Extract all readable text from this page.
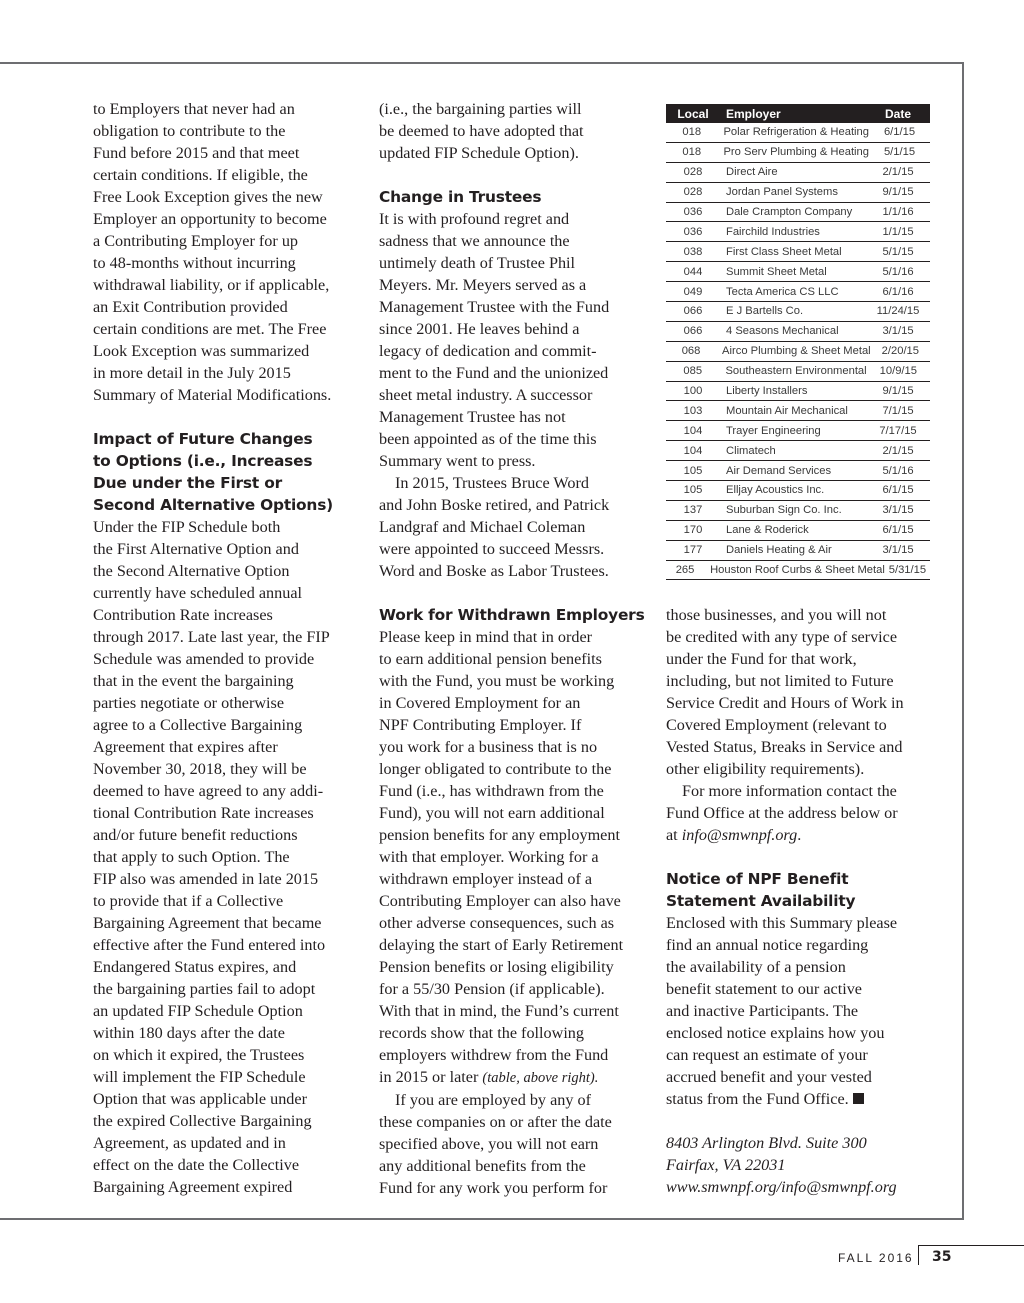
to Employers that never had an
obligation to contribute to the
Fund before 2015 and that meet
certain conditions. If eligible, the
Free Look Exception gives the new
Employer an opportunity to become
a Contributing Employer for up
to 48-months without incurring
withdrawal liability, or if applicable,
an Exit Contribution provided
certain conditions are met. The Free
Look Exception was summarized
in more detail in the July 2015
Summary of Material Modifications.
Impact of Future Changes
to Options (i.e., Increases
Due under the First or
Second Alternative Options)
Under the FIP Schedule both
the First Alternative Option and
the Second Alternative Option
currently have scheduled annual
Contribution Rate increases
through 2017. Late last year, the FIP
Schedule was amended to provide
that in the event the bargaining
parties negotiate or otherwise
agree to a Collective Bargaining
Agreement that expires after
November 30, 2018, they will be
deemed to have agreed to any addi-
tional Contribution Rate increases
and/or future benefit reductions
that apply to such Option. The
FIP also was amended in late 2015
to provide that if a Collective
Bargaining Agreement that became
effective after the Fund entered into
Endangered Status expires, and
the bargaining parties fail to adopt
an updated FIP Schedule Option
within 180 days after the date
on which it expired, the Trustees
will implement the FIP Schedule
Option that was applicable under
the expired Collective Bargaining
Agreement, as updated and in
effect on the date the Collective
Bargaining Agreement expired
(i.e., the bargaining parties will
be deemed to have adopted that
updated FIP Schedule Option).
Change in Trustees
It is with profound regret and
sadness that we announce the
untimely death of Trustee Phil
Meyers. Mr. Meyers served as a
Management Trustee with the Fund
since 2001. He leaves behind a
legacy of dedication and commit-
ment to the Fund and the unionized
sheet metal industry. A successor
Management Trustee has not
been appointed as of the time this
Summary went to press.
In 2015, Trustees Bruce Word
and John Boske retired, and Patrick
Landgraf and Michael Coleman
were appointed to succeed Messrs.
Word and Boske as Labor Trustees.
Local	Employer	Date
018	Polar Refrigeration & Heating	6/1/15
018	Pro Serv Plumbing & Heating	5/1/15
028	Direct Aire	2/1/15
028	Jordan Panel Systems	9/1/15
036	Dale Crampton Company	1/1/16
036	Fairchild Industries	1/1/15
038	First Class Sheet Metal	5/1/15
044	Summit Sheet Metal	5/1/16
049	Tecta America CS LLC	6/1/16
066	E J Bartells Co.	11/24/15
066	4 Seasons Mechanical	3/1/15
068	Airco Plumbing & Sheet Metal 2/20/15
085	Southeastern Environmental	10/9/15
100	Liberty Installers	9/1/15
103	Mountain Air Mechanical	7/1/15
104	Trayer Engineering	7/17/15
104	Climatech	2/1/15
105	Air Demand Services	5/1/16
105	Elljay Acoustics Inc.	6/1/15
137	Suburban Sign Co. Inc.	3/1/15
170	Lane & Roderick	6/1/15
177	Daniels Heating & Air	3/1/15
265	Houston Roof Curbs & Sheet Metal 5/31/15
Work for Withdrawn Employers
Please keep in mind that in order
to earn additional pension benefits
with the Fund, you must be working
in Covered Employment for an
NPF Contributing Employer. If
you work for a business that is no
longer obligated to contribute to the
Fund (i.e., has withdrawn from the
Fund), you will not earn additional
pension benefits for any employment
with that employer. Working for a
withdrawn employer instead of a
Contributing Employer can also have
other adverse consequences, such as
delaying the start of Early Retirement
Pension benefits or losing eligibility
for a 55/30 Pension (if applicable).
With that in mind, the Fund’s current
records show that the following
employers withdrew from the Fund
in 2015 or later (table, above right).
If you are employed by any of
these companies on or after the date
specified above, you will not earn
any additional benefits from the
Fund for any work you perform for
those businesses, and you will not
be credited with any type of service
under the Fund for that work,
including, but not limited to Future
Service Credit and Hours of Work in
Covered Employment (relevant to
Vested Status, Breaks in Service and
other eligibility requirements).
For more information contact the
Fund Office at the address below or
at info@smwnpf.org.
Notice of NPF Benefit
Statement Availability
Enclosed with this Summary please
find an annual notice regarding
the availability of a pension
benefit statement to our active
and inactive Participants. The
enclosed notice explains how you
can request an estimate of your
accrued benefit and your vested
status from the Fund Office.
8403 Arlington Blvd. Suite 300
Fairfax, VA 22031
www.smwnpf.org/info@smwnpf.org
FALL 2016 35
